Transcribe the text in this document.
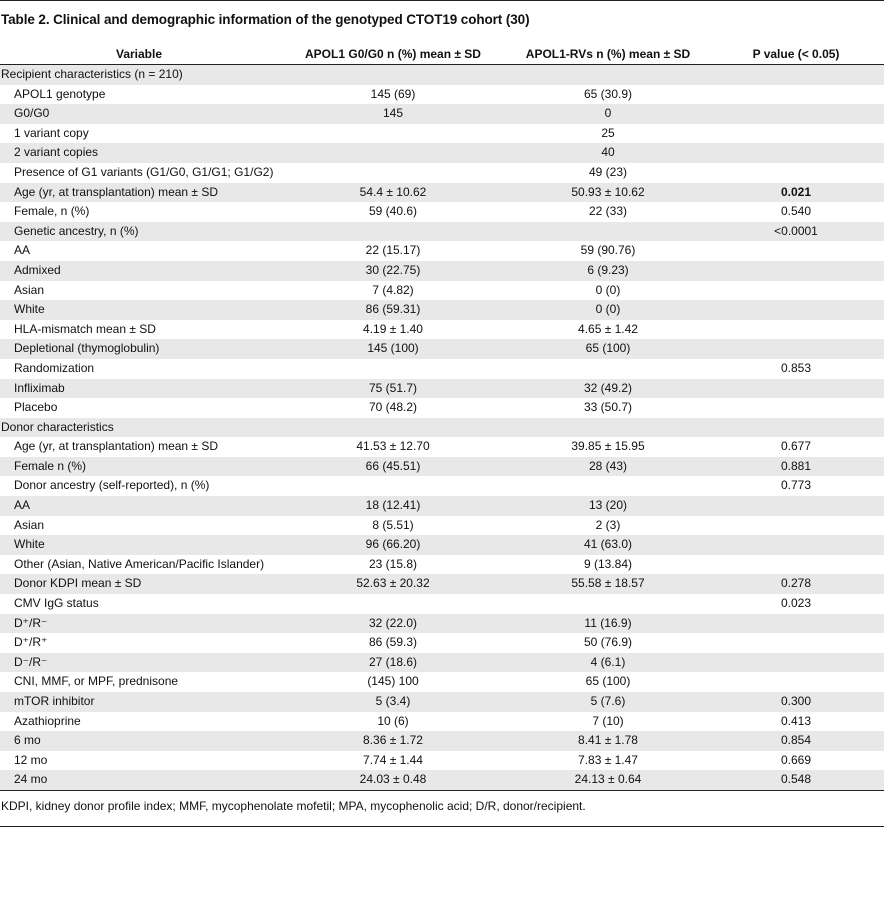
Table 2. Clinical and demographic information of the genotyped CTOT19 cohort (30)
Variable	APOL1 G0/G0 n (%) mean ± SD	APOL1-RVs n (%) mean ± SD	P value (< 0.05)
Recipient characteristics (n = 210)			
APOL1 genotype	145 (69)	65 (30.9)	
G0/G0	145	0	
1 variant copy		25	
2 variant copies		40	
Presence of G1 variants (G1/G0, G1/G1; G1/G2)		49 (23)	
Age (yr, at transplantation) mean ± SD	54.4 ± 10.62	50.93 ± 10.62	0.021
Female, n (%)	59 (40.6)	22 (33)	0.540
Genetic ancestry, n (%)			<0.0001
AA	22 (15.17)	59 (90.76)	
Admixed	30 (22.75)	6 (9.23)	
Asian	7 (4.82)	0 (0)	
White	86 (59.31)	0 (0)	
HLA-mismatch mean ± SD	4.19 ± 1.40	4.65 ± 1.42	
Depletional (thymoglobulin)	145 (100)	65 (100)	
Randomization			0.853
Infliximab	75 (51.7)	32 (49.2)	
Placebo	70 (48.2)	33 (50.7)	
Donor characteristics			
Age (yr, at transplantation) mean ± SD	41.53 ± 12.70	39.85 ± 15.95	0.677
Female n (%)	66 (45.51)	28 (43)	0.881
Donor ancestry (self-reported), n (%)			0.773
AA	18 (12.41)	13 (20)	
Asian	8 (5.51)	2 (3)	
White	96 (66.20)	41 (63.0)	
Other (Asian, Native American/Pacific Islander)	23 (15.8)	9 (13.84)	
Donor KDPI mean ± SD	52.63 ± 20.32	55.58 ± 18.57	0.278
CMV IgG status			0.023
D⁺/R⁻	32 (22.0)	11 (16.9)	
D⁺/R⁺	86 (59.3)	50 (76.9)	
D⁻/R⁻	27 (18.6)	4 (6.1)	
CNI, MMF, or MPF, prednisone	(145) 100	65 (100)	
mTOR inhibitor	5 (3.4)	5 (7.6)	0.300
Azathioprine	10 (6)	7 (10)	0.413
6 mo	8.36 ± 1.72	8.41 ± 1.78	0.854
12 mo	7.74 ± 1.44	7.83 ± 1.47	0.669
24 mo	24.03 ± 0.48	24.13 ± 0.64	0.548
KDPI, kidney donor profile index; MMF, mycophenolate mofetil; MPA, mycophenolic acid; D/R, donor/recipient.
